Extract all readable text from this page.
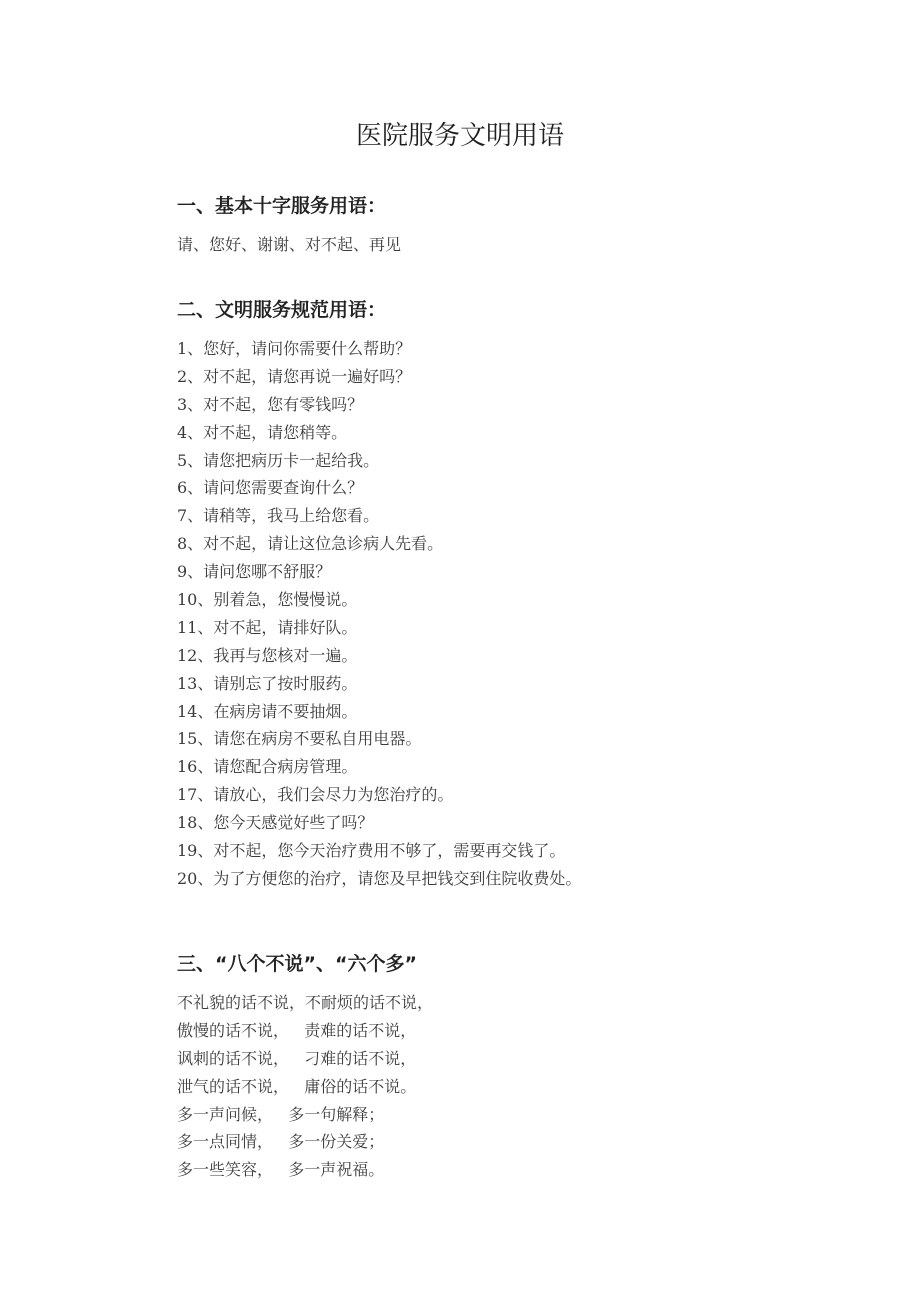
医院服务文明用语
一、基本十字服务用语：
请、您好、谢谢、对不起、再见
二、文明服务规范用语：
1、您好，请问你需要什么帮助？
2、对不起，请您再说一遍好吗？
3、对不起，您有零钱吗？
4、对不起，请您稍等。
5、请您把病历卡一起给我。
6、请问您需要查询什么？
7、请稍等，我马上给您看。
8、对不起，请让这位急诊病人先看。
9、请问您哪不舒服？
10、别着急，您慢慢说。
11、对不起，请排好队。
12、我再与您核对一遍。
13、请别忘了按时服药。
14、在病房请不要抽烟。
15、请您在病房不要私自用电器。
16、请您配合病房管理。
17、请放心，我们会尽力为您治疗的。
18、您今天感觉好些了吗？
19、对不起，您今天治疗费用不够了，需要再交钱了。
20、为了方便您的治疗，请您及早把钱交到住院收费处。
三、“八个不说”、“六个多”
不礼貌的话不说，不耐烦的话不说，
傲慢的话不说，   责难的话不说，
讽刺的话不说，   刁难的话不说，
泄气的话不说，   庸俗的话不说。
多一声问候，   多一句解释；
多一点同情，   多一份关爱；
多一些笑容，   多一声祝福。
